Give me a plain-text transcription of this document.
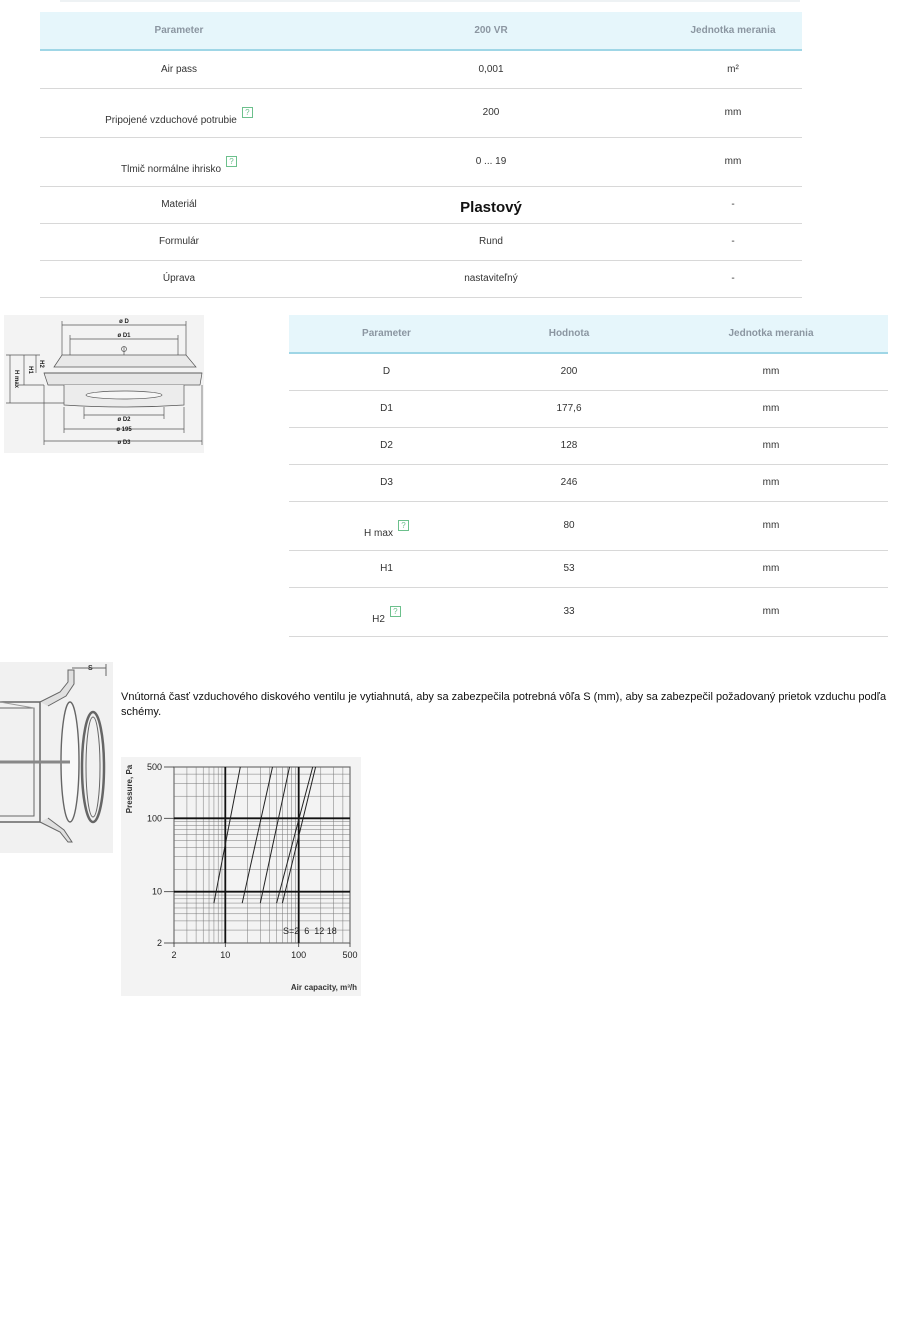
Parameter	200 VR	Jednotka merania
Air pass	0,001	m²
Pripojené vzduchové potrubie?	200	mm
Tlmič normálne ihrisko?	0 ... 19	mm
Materiál	Plastový	-
Formulár	Rund	-
Úprava	nastaviteľný	-
ø D
ø D1
ø D2
ø 195
ø D3
H max H1
H2
Parameter	Hodnota	Jednotka merania
D	200	mm
D1	177,6	mm
D2	128	mm
D3	246	mm
H max?	80	mm
H1	53	mm
H2?	33	mm
S
Vnútorná časť vzduchového diskového ventilu je vytiahnutá, aby sa zabezpečila potrebná vôľa S (mm), aby sa zabezpečil požadovaný prietok vzduchu podľa schémy.
2	10	100	500
2
10
100
500
Pressure, Pa
Air capacity, m³/h
S=2  6  12 18
